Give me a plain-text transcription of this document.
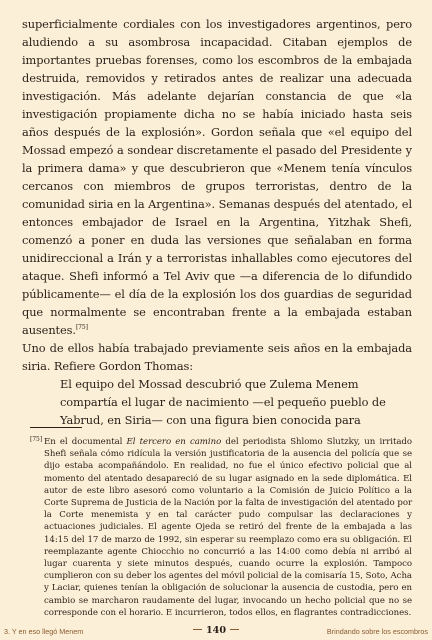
superficialmente cordiales con los investigadores argentinos, pero aludiendo a su asombrosa incapacidad. Citaban ejemplos de importantes pruebas forenses, como los escombros de la embajada destruida, removidos y retirados antes de realizar una adecuada investigación. Más adelante dejarían constancia de que «la investigación propiamente dicha no se había iniciado hasta seis años después de la explosión». Gordon señala que «el equipo del Mossad empezó a sondear discretamente el pasado del Presidente y la primera dama» y que descubrieron que «Menem tenía vínculos cercanos con miembros de grupos terroristas, dentro de la comunidad siria en la Argentina». Semanas después del atentado, el entonces embajador de Israel en la Argentina, Yitzhak Shefi, comenzó a poner en duda las versiones que señalaban en forma unidireccional a Irán y a terroristas inhallables como ejecutores del ataque. Shefi informó a Tel Aviv que —a diferencia de lo difundido públicamente— el día de la explosión los dos guardias de seguridad que normalmente se encontraban frente a la embajada estaban ausentes.[75]

Uno de ellos había trabajado previamente seis años en la embajada siria. Refiere Gordon Thomas:

El equipo del Mossad descubrió que Zulema Menem compartía el lugar de nacimiento —el pequeño pueblo de Yabrud, en Siria— con una figura bien conocida para

[75] En el documental El tercero en camino del periodista Shlomo Slutzky, un irritado Shefi señala cómo ridícula la versión justificatoria de la ausencia del policía que se dijo estaba acompañándolo. En realidad, no fue el único efectivo policial que al momento del atentado desapareció de su lugar asignado en la sede diplomática. El autor de este libro asesoró como voluntario a la Comisión de Juicio Político a la Corte Suprema de Justicia de la Nación por la falta de investigación del atentado por la Corte menemista y en tal carácter pudo compulsar las declaraciones y actuaciones judiciales. El agente Ojeda se retiró del frente de la embajada a las 14:15 del 17 de marzo de 1992, sin esperar su reemplazo como era su obligación. El reemplazante agente Chiocchio no concurrió a las 14:00 como debía ni arribó al lugar cuarenta y siete minutos después, cuando ocurre la explosión. Tampoco cumplieron con su deber los agentes del móvil policial de la comisaría 15, Soto, Acha y Laciar, quienes tenían la obligación de solucionar la ausencia de custodia, pero en cambio se marcharon raudamente del lugar, invocando un hecho policial que no se corresponde con el horario. E incurrieron, todos ellos, en flagrantes contradicciones.

3. Y en eso llegó Menem	140	Brindando sobre los escombros
